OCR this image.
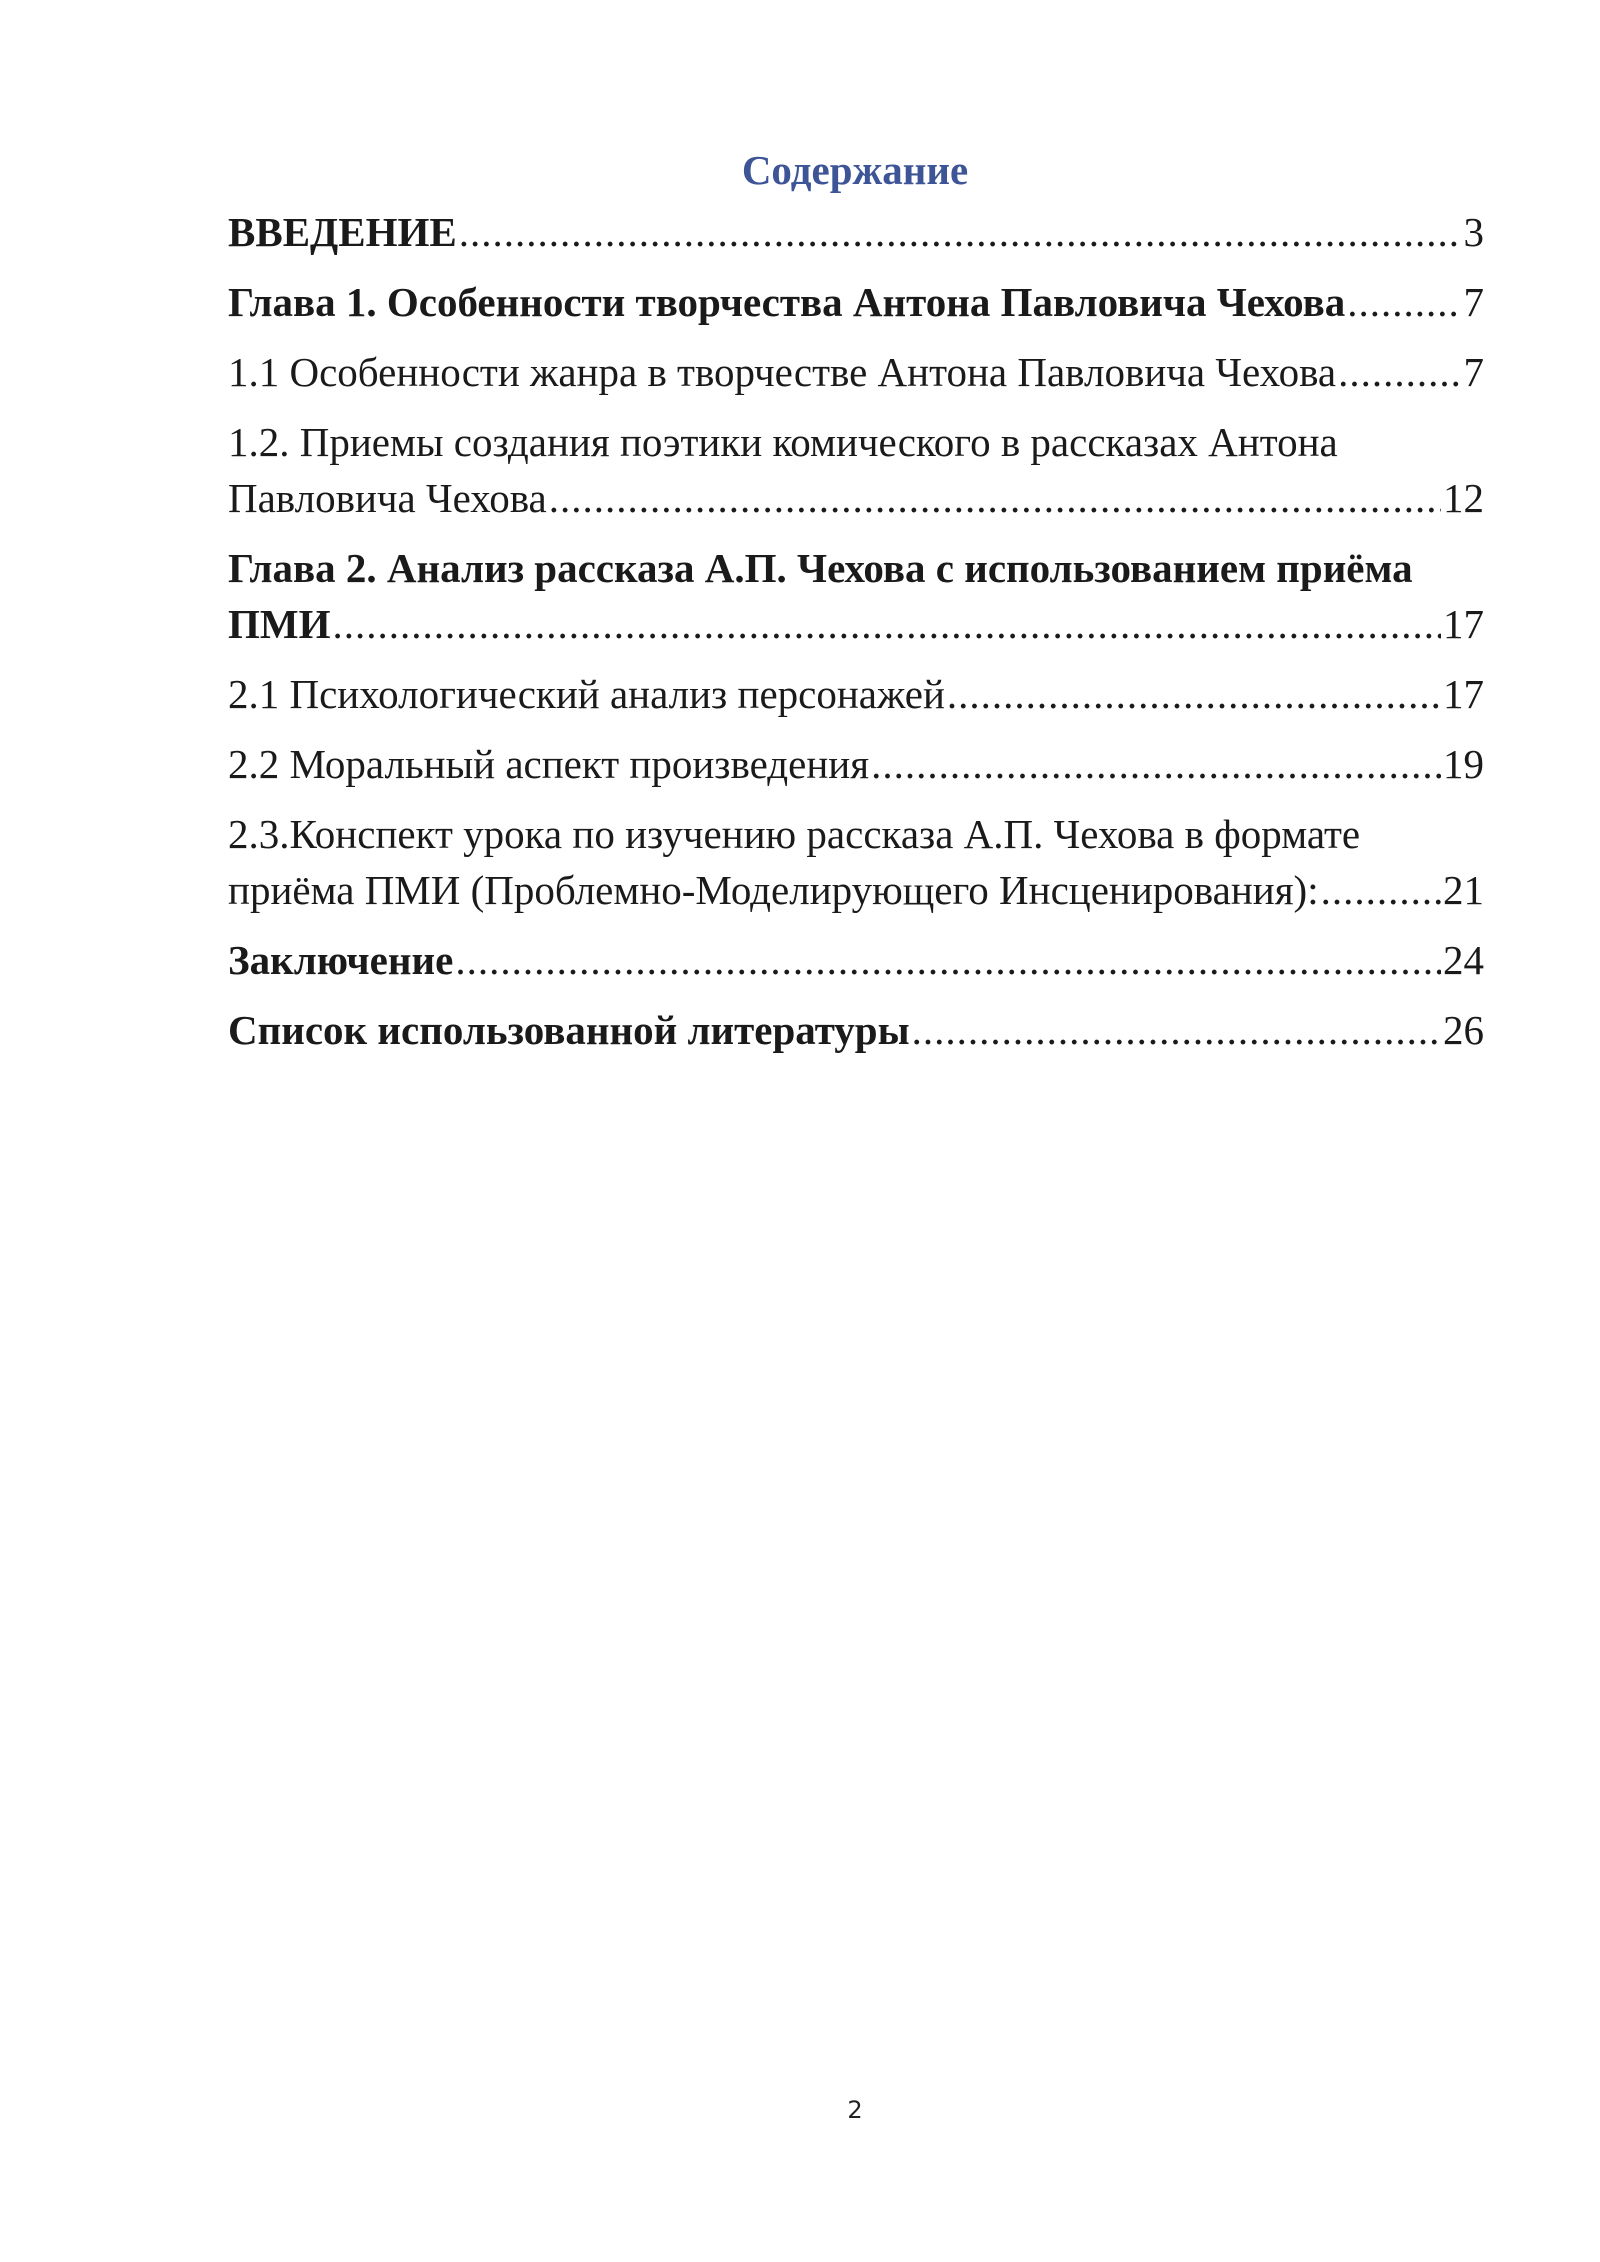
Содержание
ВВЕДЕНИЕ .....	3
Глава 1. Особенности творчества Антона Павловича Чехова .....	7
1.1 Особенности жанра в творчестве Антона Павловича Чехова .....	7
1.2. Приемы создания поэтики комического в рассказах Антона
Павловича Чехова .....	12
Глава 2. Анализ рассказа А.П. Чехова с использованием приёма
ПМИ .....	17
2.1 Психологический анализ персонажей .....	17
2.2 Моральный аспект произведения .....	19
2.3.Конспект урока по изучению рассказа А.П. Чехова в формате
приёма ПМИ (Проблемно-Моделирующего Инсценирования): .....	21
Заключение .....	24
Список использованной литературы .....	26
2
